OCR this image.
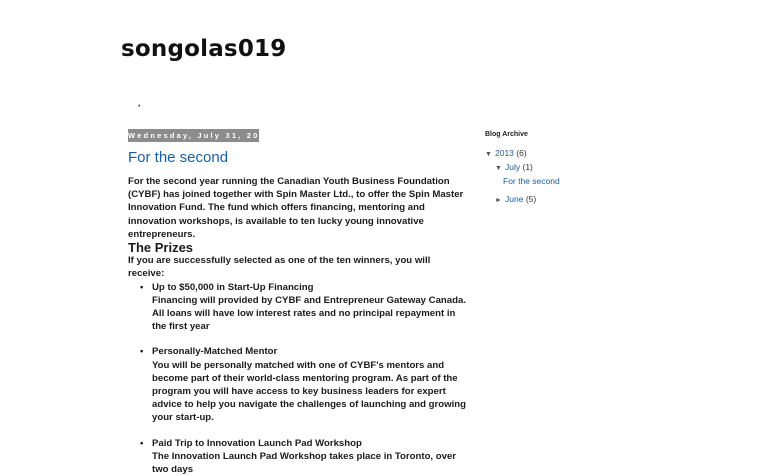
songolas019
•
Wednesday, July 31, 2013
For the second

For the second year running the Canadian Youth Business Foundation (CYBF) has joined together with Spin Master Ltd., to offer the Spin Master Innovation Fund. The fund which offers financing, mentoring and innovation workshops, is available to ten lucky young innovative entrepreneurs.

The Prizes

If you are successfully selected as one of the ten winners, you will receive:

• Up to $50,000 in Start-Up Financing
Financing will provided by CYBF and Entrepreneur Gateway Canada. All loans will have low interest rates and no principal repayment in the first year
• Personally-Matched Mentor
You will be personally matched with one of CYBF's mentors and become part of their world-class mentoring program. As part of the program you will have access to key business leaders for expert advice to help you navigate the challenges of launching and growing your start-up.
• Paid Trip to Innovation Launch Pad Workshop
The Innovation Launch Pad Workshop takes place in Toronto, over two days
Blog Archive
▼ 2013 (6)
▼ July (1)
For the second
► June (5)
